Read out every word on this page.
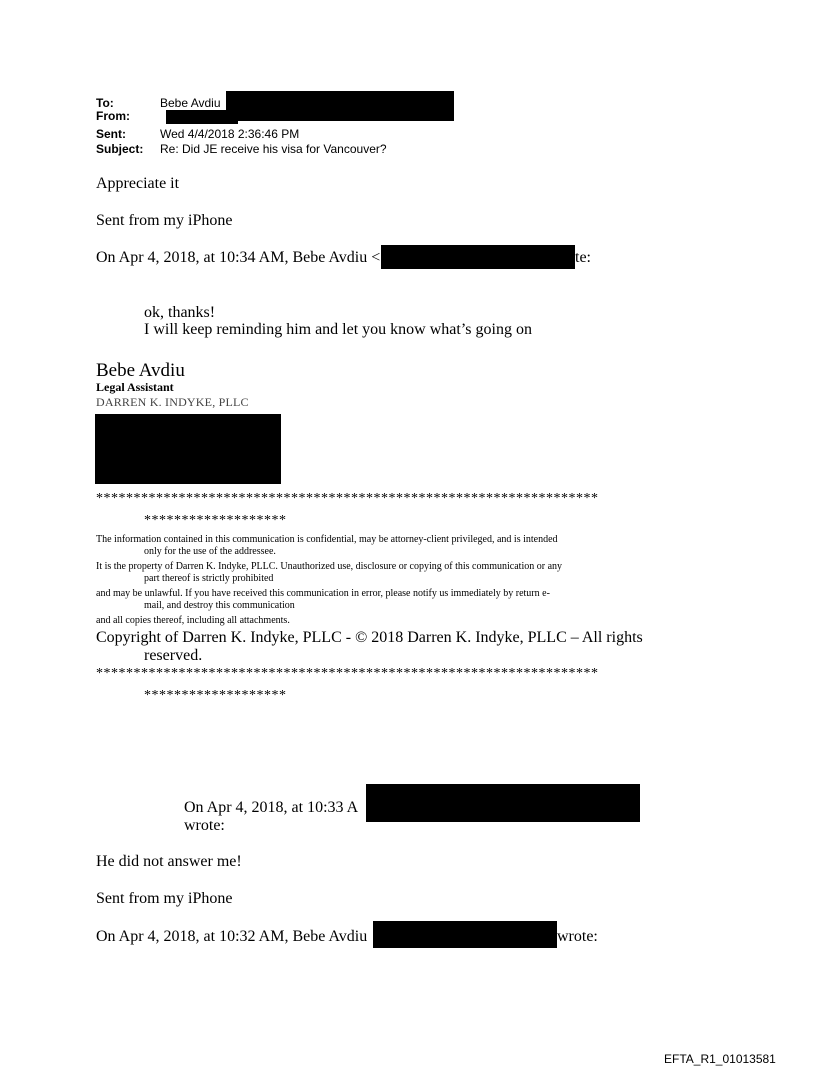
To:	Bebe Avdiu
From:
Sent:	Wed 4/4/2018 2:36:46 PM
Subject: Re: Did JE receive his visa for Vancouver?
Appreciate it
Sent from my iPhone
On Apr 4, 2018, at 10:34 AM, Bebe Avdiu <	te:
ok, thanks!
I will keep reminding him and let you know what’s going on
Bebe Avdiu
Legal Assistant
DARREN K. INDYKE, PLLC
*******************************************************************
*******************
The information contained in this communication is confidential, may be attorney-client privileged, and is intended
only for the use of the addressee.
It is the property of Darren K. Indyke, PLLC. Unauthorized use, disclosure or copying of this communication or any
part thereof is strictly prohibited
and may be unlawful. If you have received this communication in error, please notify us immediately by return e-
mail, and destroy this communication
and all copies thereof, including all attachments.
Copyright of Darren K. Indyke, PLLC - © 2018 Darren K. Indyke, PLLC – All rights
reserved.
*******************************************************************
*******************
On Apr 4, 2018, at 10:33 A
wrote:
He did not answer me!
Sent from my iPhone
On Apr 4, 2018, at 10:32 AM, Bebe Avdiu	wrote:
EFTA_R1_01013581
